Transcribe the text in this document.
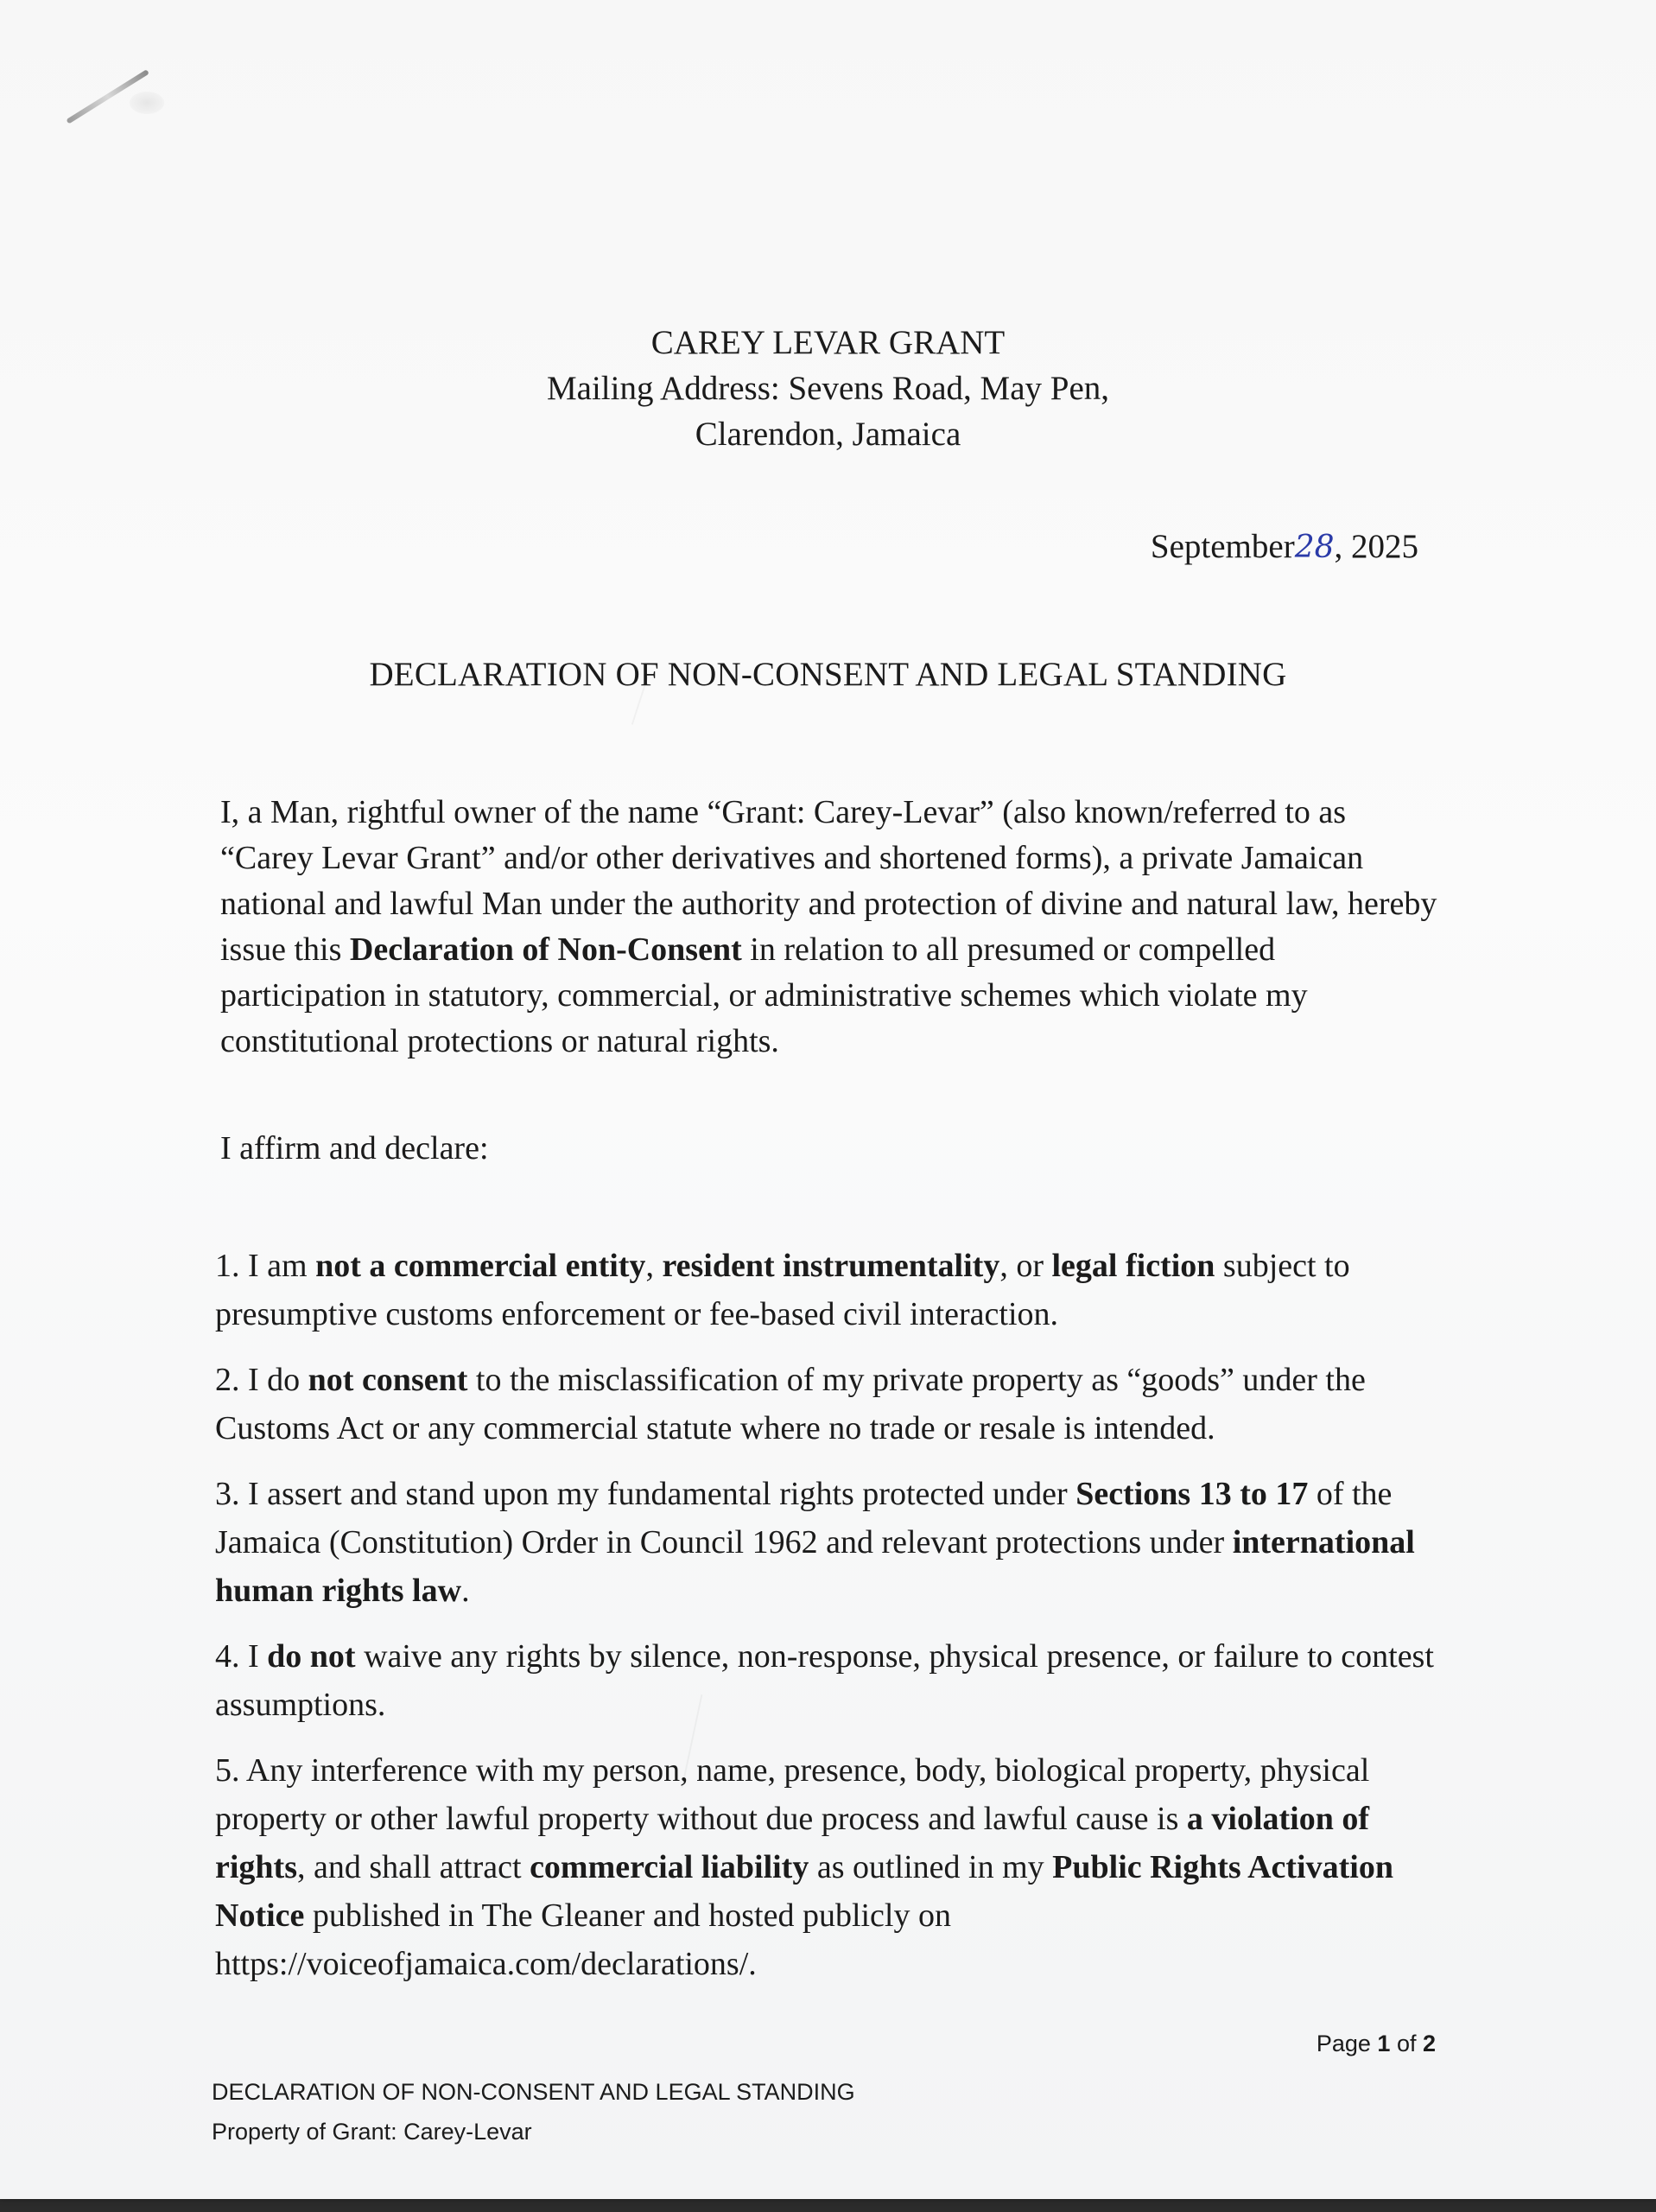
CAREY LEVAR GRANT
Mailing Address: Sevens Road, May Pen,
Clarendon, Jamaica
September28, 2025
DECLARATION OF NON-CONSENT AND LEGAL STANDING
I, a Man, rightful owner of the name “Grant: Carey-Levar” (also known/referred to as “Carey Levar Grant” and/or other derivatives and shortened forms), a private Jamaican national and lawful Man under the authority and protection of divine and natural law, hereby issue this Declaration of Non-Consent in relation to all presumed or compelled participation in statutory, commercial, or administrative schemes which violate my constitutional protections or natural rights.
I affirm and declare:
1. I am not a commercial entity, resident instrumentality, or legal fiction subject to presumptive customs enforcement or fee-based civil interaction.
2. I do not consent to the misclassification of my private property as “goods” under the Customs Act or any commercial statute where no trade or resale is intended.
3. I assert and stand upon my fundamental rights protected under Sections 13 to 17 of the Jamaica (Constitution) Order in Council 1962 and relevant protections under international human rights law.
4. I do not waive any rights by silence, non-response, physical presence, or failure to contest assumptions.
5. Any interference with my person, name, presence, body, biological property, physical property or other lawful property without due process and lawful cause is a violation of rights, and shall attract commercial liability as outlined in my Public Rights Activation Notice published in The Gleaner and hosted publicly on https://voiceofjamaica.com/declarations/.
Page 1 of 2
DECLARATION OF NON-CONSENT AND LEGAL STANDING
Property of Grant: Carey-Levar
